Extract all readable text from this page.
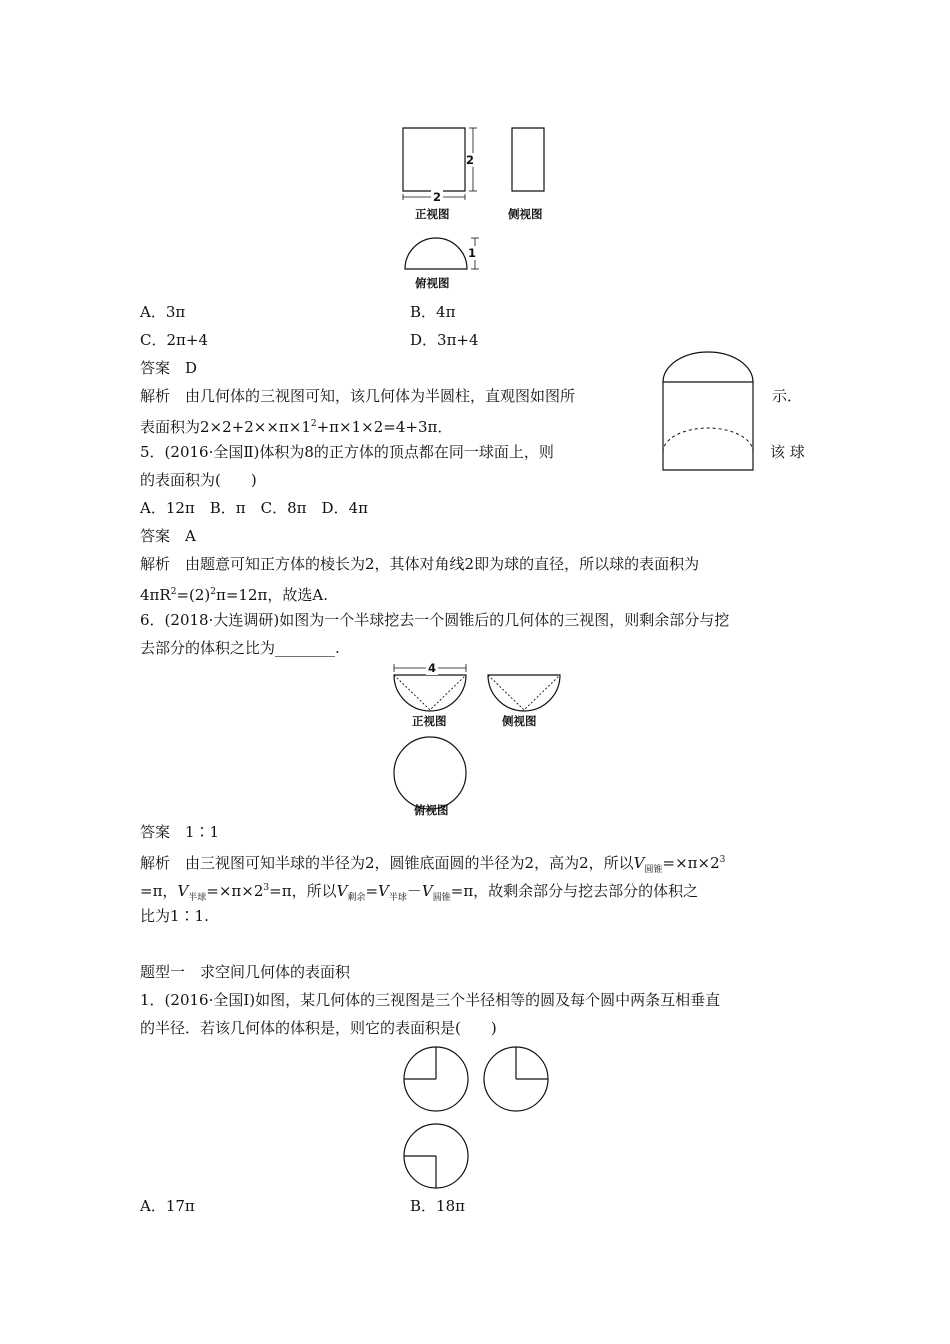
2
2
正视图	侧视图
1
俯视图
A．3π	B．4π
C．2π+4	D．3π+4
答案　D
解析　由几何体的三视图可知，该几何体为半圆柱，直观图如图所	示．
表面积为$2\times 2+2\times\times\pi\times 1^2+\pi\times 1\times 2=4+3\pi$．
5．(2016·全国Ⅱ)体积为8的正方体的顶点都在同一球面上，则	该 球
的表面积为(　　)
A．12π　B．π　C．8π　D．4π
答案　A
解析　由题意可知正方体的棱长为2，其体对角线2即为球的直径，所以球的表面积为
$4\pi R^2=(2)^2\pi=12\pi$，故选A.
6．(2018·大连调研)如图为一个半球挖去一个圆锥后的几何体的三视图，则剩余部分与挖
去部分的体积之比为________.
4
正视图	侧视图
俯视图
答案　1∶1
解析　由三视图可知半球的半径为2，圆锥底面圆的半径为2，高为2，所以$V_{圆锥}=\times\pi\times 2^3$
=π，$V_{半球}=\times\pi\times 2^3=\pi$，所以$V_{剩余}=V_{半球}-V_{圆锥}=\pi$，故剩余部分与挖去部分的体积之
比为1∶1.
题型一　求空间几何体的表面积
1．(2016·全国Ⅰ)如图，某几何体的三视图是三个半径相等的圆及每个圆中两条互相垂直
的半径．若该几何体的体积是，则它的表面积是(　　)
A．17π	B．18π
